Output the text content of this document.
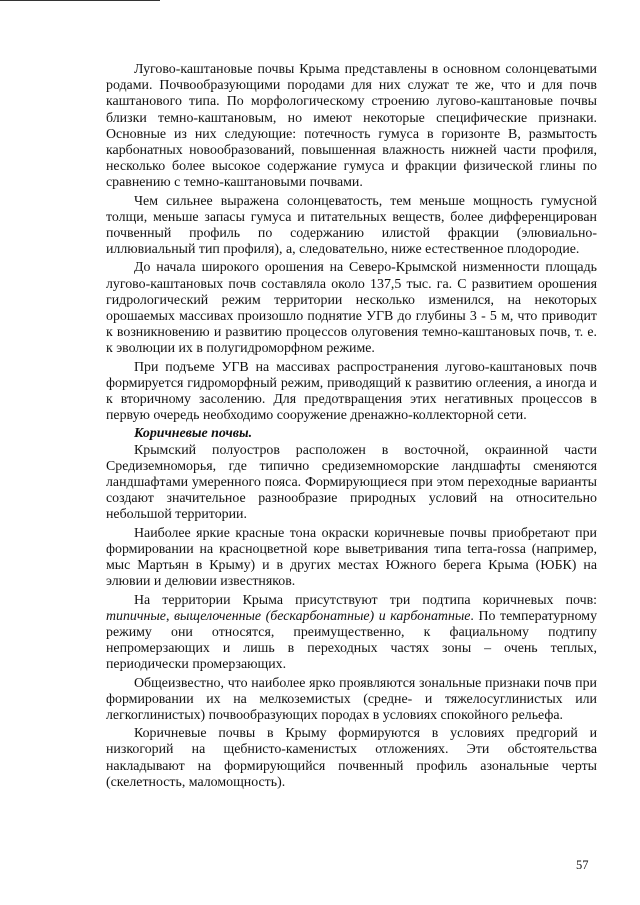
Лугово-каштановые почвы Крыма представлены в основном солонцеватыми родами. Почвообразующими породами для них служат те же, что и для почв каштанового типа. По морфологическому строению лугово-каштановые почвы близки темно-каштановым, но имеют некоторые специфические признаки. Основные из них следующие: потечность гумуса в горизонте В, размытость карбонатных новообразований, повышенная влажность нижней части профиля, несколько более высокое содержание гумуса и фракции физической глины по сравнению с темно-каштановыми почвами.

Чем сильнее выражена солонцеватость, тем меньше мощность гумусной толщи, меньше запасы гумуса и питательных веществ, более дифференцирован почвенный профиль по содержанию илистой фракции (элювиально-иллювиальный тип профиля), а, следовательно, ниже естественное плодородие.

До начала широкого орошения на Северо-Крымской низменности площадь лугово-каштановых почв составляла около 137,5 тыс. га. С развитием орошения гидрологический режим территории несколько изменился, на некоторых орошаемых массивах произошло поднятие УГВ до глубины 3 - 5 м, что приводит к возникновению и развитию процессов олуговения темно-каштановых почв, т. е. к эволюции их в полугидроморфном режиме.

При подъеме УГВ на массивах распространения лугово-каштановых почв формируется гидроморфный режим, приводящий к развитию оглеения, а иногда и к вторичному засолению. Для предотвращения этих негативных процессов в первую очередь необходимо сооружение дренажно-коллекторной сети.

Коричневые почвы.

Крымский полуостров расположен в восточной, окраинной части Средиземноморья, где типично средиземноморские ландшафты сменяются ландшафтами умеренного пояса. Формирующиеся при этом переходные варианты создают значительное разнообразие природных условий на относительно небольшой территории.

Наиболее яркие красные тона окраски коричневые почвы приобретают при формировании на красноцветной коре выветривания типа terra-rossa (например, мыс Мартьян в Крыму) и в других местах Южного берега Крыма (ЮБК) на элювии и делювии известняков.

На территории Крыма присутствуют три подтипа коричневых почв: типичные, выщелоченные (бескарбонатные) и карбонатные. По температурному режиму они относятся, преимущественно, к фациальному подтипу непромерзающих и лишь в переходных частях зоны – очень теплых, периодически промерзающих.

Общеизвестно, что наиболее ярко проявляются зональные признаки почв при формировании их на мелкоземистых (средне- и тяжелосуглинистых или легкоглинистых) почвообразующих породах в условиях спокойного рельефа.

Коричневые почвы в Крыму формируются в условиях предгорий и низкогорий на щебнисто-каменистых отложениях. Эти обстоятельства накладывают на формирующийся почвенный профиль азональные черты (скелетность, маломощность).

57
